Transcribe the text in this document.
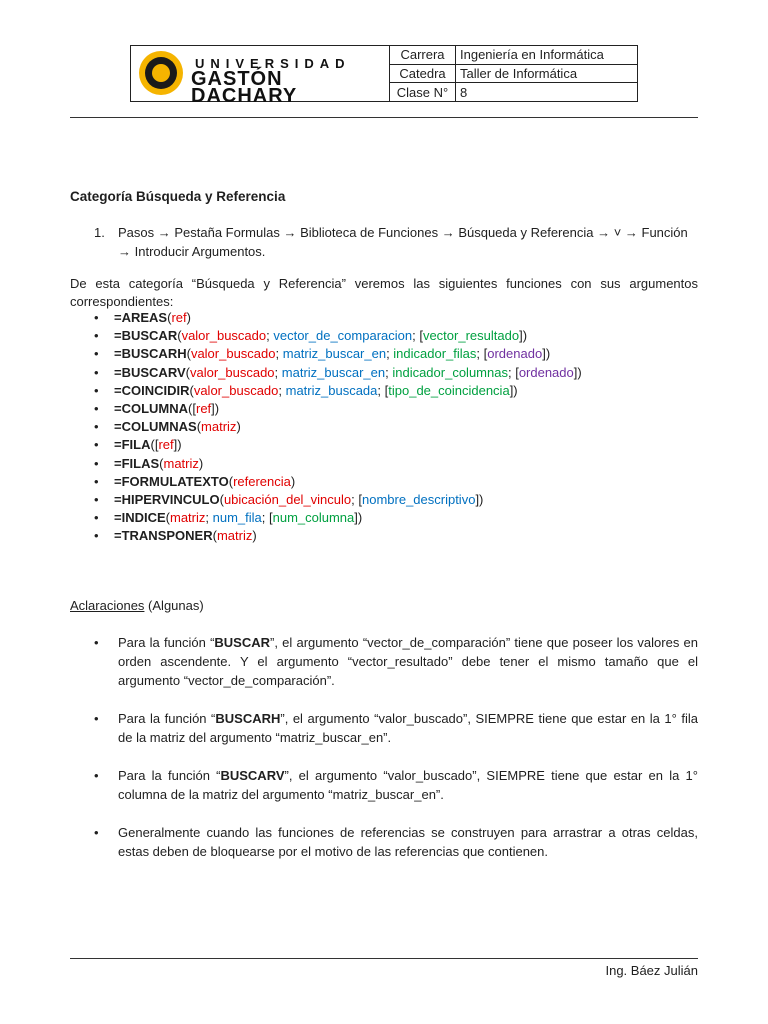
UNIVERSIDAD
GASTÓN DACHARY	Carrera	Ingeniería en Informática
	Catedra	Taller de Informática
	Clase N°	8
Categoría Búsqueda y Referencia
1. Pasos → Pestaña Formulas → Biblioteca de Funciones → Búsqueda y Referencia → ˅ → Función → Introducir Argumentos.
De esta categoría “Búsqueda y Referencia” veremos las siguientes funciones con sus argumentos correspondientes:
• =AREAS(ref)
• =BUSCAR(valor_buscado; vector_de_comparacion; [vector_resultado])
• =BUSCARH(valor_buscado; matriz_buscar_en; indicador_filas; [ordenado])
• =BUSCARV(valor_buscado; matriz_buscar_en; indicador_columnas; [ordenado])
• =COINCIDIR(valor_buscado; matriz_buscada; [tipo_de_coincidencia])
• =COLUMNA([ref])
• =COLUMNAS(matriz)
• =FILA([ref])
• =FILAS(matriz)
• =FORMULATEXTO(referencia)
• =HIPERVINCULO(ubicación_del_vinculo; [nombre_descriptivo])
• =INDICE(matriz; num_fila; [num_columna])
• =TRANSPONER(matriz)
Aclaraciones (Algunas)
• Para la función “BUSCAR”, el argumento “vector_de_comparación” tiene que poseer los valores en orden ascendente. Y el argumento “vector_resultado” debe tener el mismo tamaño que el argumento “vector_de_comparación”.
• Para la función “BUSCARH”, el argumento “valor_buscado”, SIEMPRE tiene que estar en la 1° fila de la matriz del argumento “matriz_buscar_en”.
• Para la función “BUSCARV”, el argumento “valor_buscado”, SIEMPRE tiene que estar en la 1° columna de la matriz del argumento “matriz_buscar_en”.
• Generalmente cuando las funciones de referencias se construyen para arrastrar a otras celdas, estas deben de bloquearse por el motivo de las referencias que contienen.
Ing. Báez Julián
